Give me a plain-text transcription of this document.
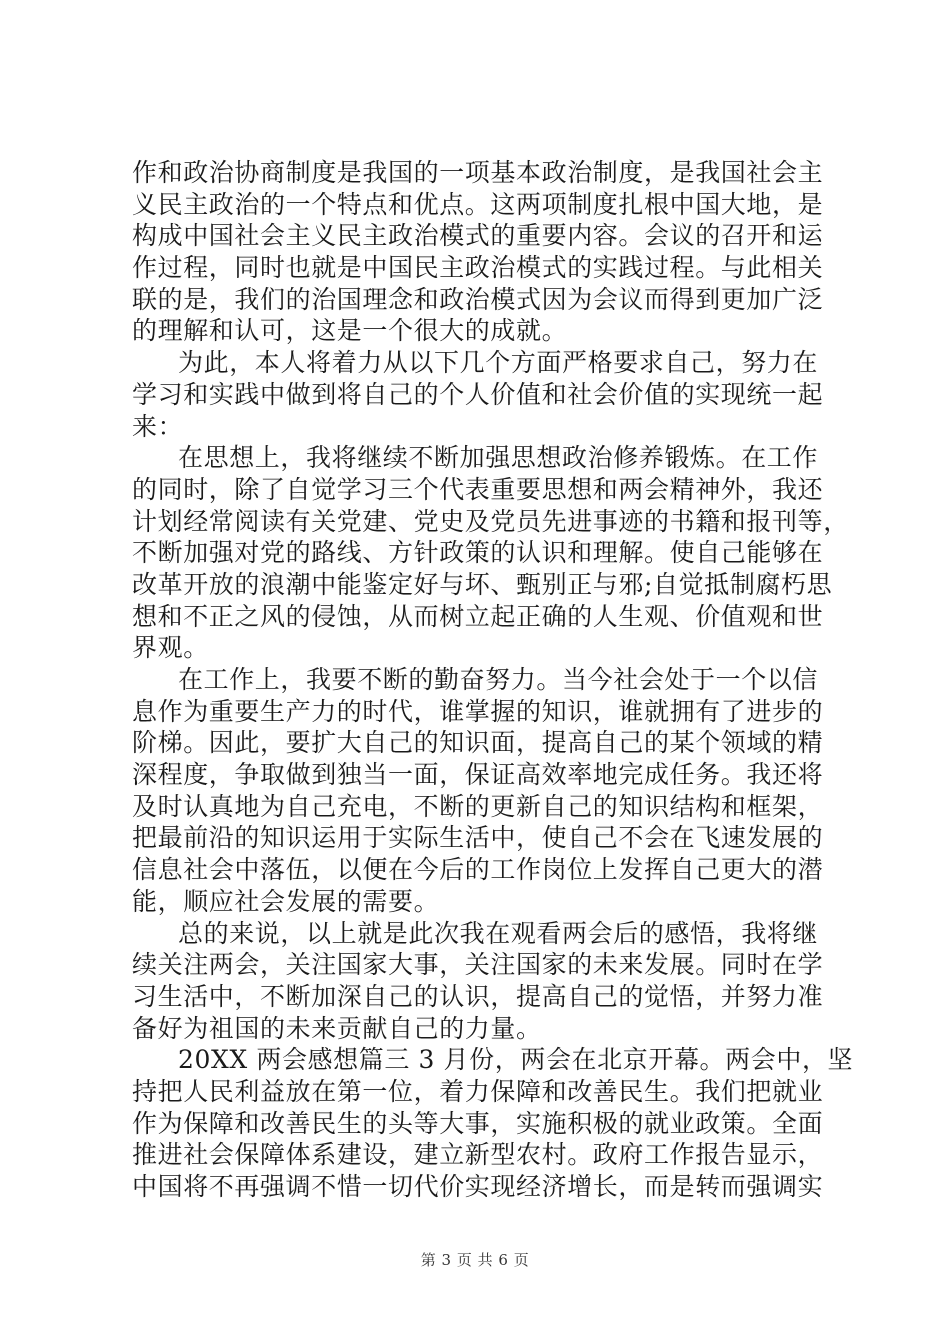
作和政治协商制度是我国的一项基本政治制度，是我国社会主
义民主政治的一个特点和优点。这两项制度扎根中国大地，是
构成中国社会主义民主政治模式的重要内容。会议的召开和运
作过程，同时也就是中国民主政治模式的实践过程。与此相关
联的是，我们的治国理念和政治模式因为会议而得到更加广泛
的理解和认可，这是一个很大的成就。
为此，本人将着力从以下几个方面严格要求自己，努力在
学习和实践中做到将自己的个人价值和社会价值的实现统一起
来：
在思想上，我将继续不断加强思想政治修养锻炼。在工作
的同时，除了自觉学习三个代表重要思想和两会精神外，我还
计划经常阅读有关党建、党史及党员先进事迹的书籍和报刊等，
不断加强对党的路线、方针政策的认识和理解。使自己能够在
改革开放的浪潮中能鉴定好与坏、甄别正与邪;自觉抵制腐朽思
想和不正之风的侵蚀，从而树立起正确的人生观、价值观和世
界观。
在工作上，我要不断的勤奋努力。当今社会处于一个以信
息作为重要生产力的时代，谁掌握的知识，谁就拥有了进步的
阶梯。因此，要扩大自己的知识面，提高自己的某个领域的精
深程度，争取做到独当一面，保证高效率地完成任务。我还将
及时认真地为自己充电，不断的更新自己的知识结构和框架，
把最前沿的知识运用于实际生活中，使自己不会在飞速发展的
信息社会中落伍，以便在今后的工作岗位上发挥自己更大的潜
能，顺应社会发展的需要。
总的来说，以上就是此次我在观看两会后的感悟，我将继
续关注两会，关注国家大事，关注国家的未来发展。同时在学
习生活中，不断加深自己的认识，提高自己的觉悟，并努力准
备好为祖国的未来贡献自己的力量。
20XX 两会感想篇三 3 月份，两会在北京开幕。两会中，坚
持把人民利益放在第一位，着力保障和改善民生。我们把就业
作为保障和改善民生的头等大事，实施积极的就业政策。全面
推进社会保障体系建设，建立新型农村。政府工作报告显示，
中国将不再强调不惜一切代价实现经济增长，而是转而强调实
第 3 页 共 6 页
